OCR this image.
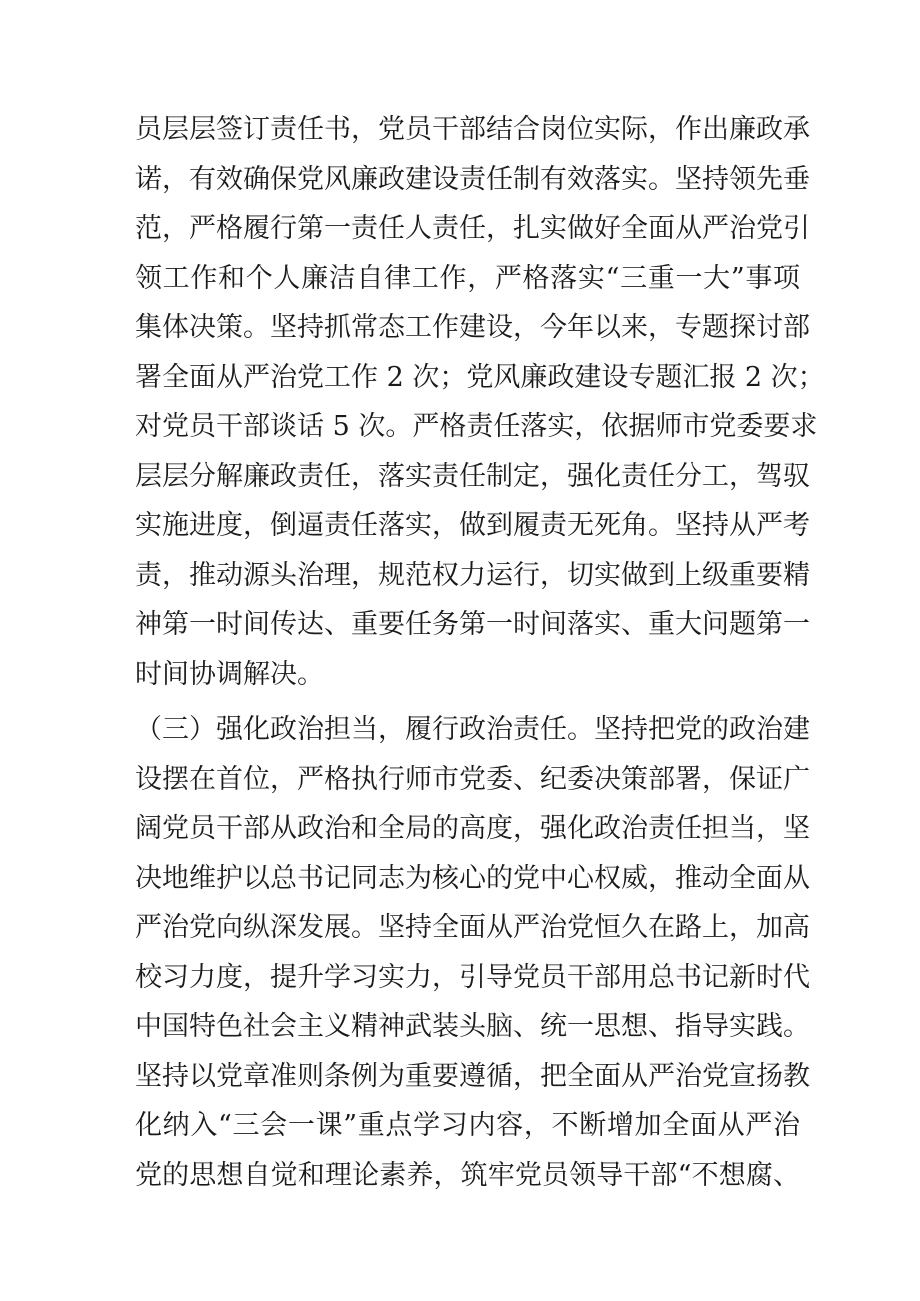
员层层签订责任书，党员干部结合岗位实际，作出廉政承
诺，有效确保党风廉政建设责任制有效落实。坚持领先垂
范，严格履行第一责任人责任，扎实做好全面从严治党引
领工作和个人廉洁自律工作，严格落实“三重一大”事项
集体决策。坚持抓常态工作建设，今年以来，专题探讨部
署全面从严治党工作 2 次；党风廉政建设专题汇报 2 次；
对党员干部谈话 5 次。严格责任落实，依据师市党委要求
层层分解廉政责任，落实责任制定，强化责任分工，驾驭
实施进度，倒逼责任落实，做到履责无死角。坚持从严考
责，推动源头治理，规范权力运行，切实做到上级重要精
神第一时间传达、重要任务第一时间落实、重大问题第一
时间协调解决。
（三）强化政治担当，履行政治责任。坚持把党的政治建
设摆在首位，严格执行师市党委、纪委决策部署，保证广
阔党员干部从政治和全局的高度，强化政治责任担当，坚
决地维护以总书记同志为核心的党中心权威，推动全面从
严治党向纵深发展。坚持全面从严治党恒久在路上，加高
校习力度，提升学习实力，引导党员干部用总书记新时代
中国特色社会主义精神武装头脑、统一思想、指导实践。
坚持以党章准则条例为重要遵循，把全面从严治党宣扬教
化纳入“三会一课”重点学习内容，不断增加全面从严治
党的思想自觉和理论素养，筑牢党员领导干部“不想腐、
